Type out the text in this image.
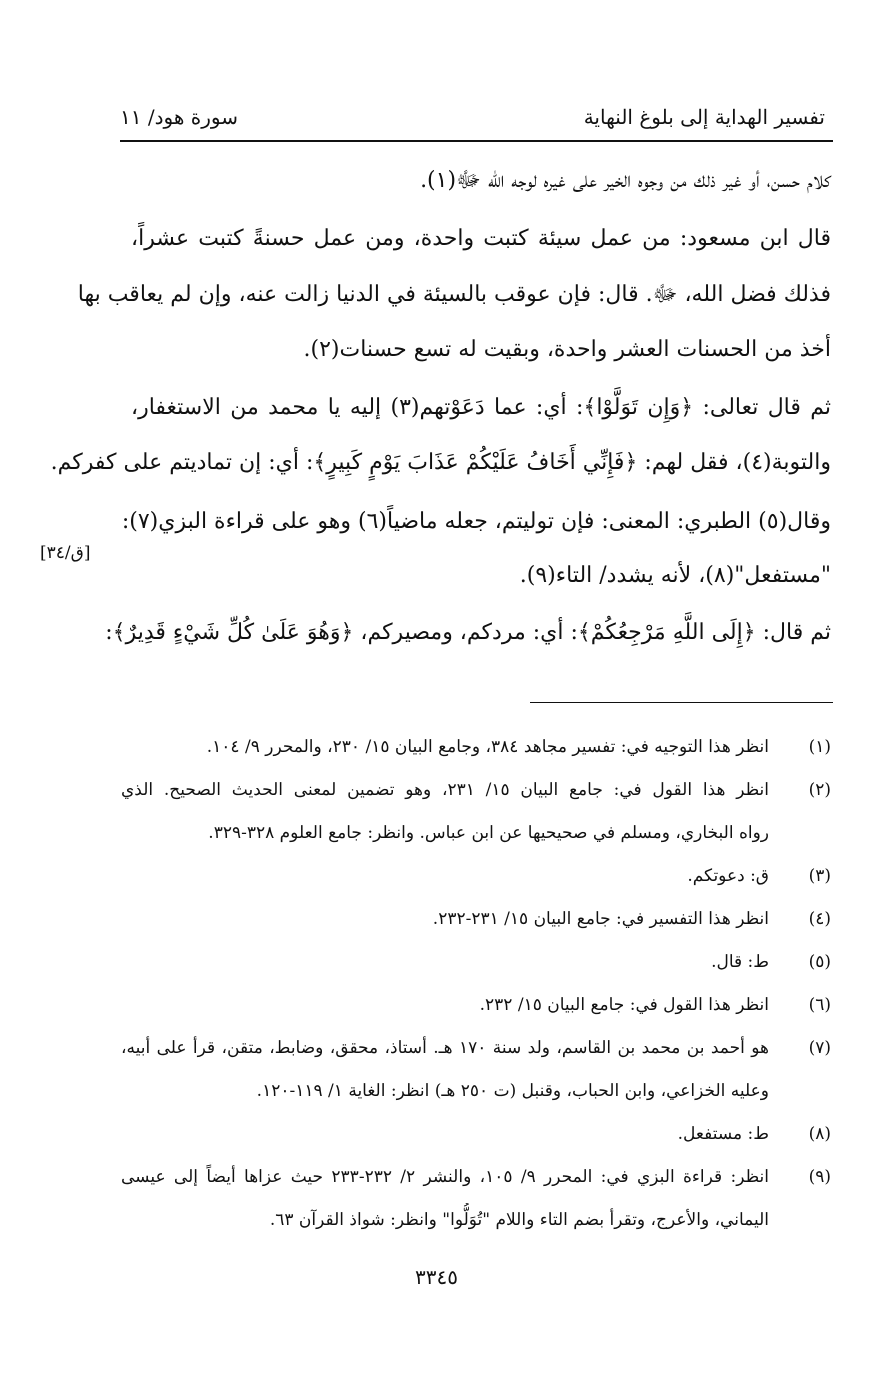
تفسير الهداية إلى بلوغ النهاية
سورة هود/ ١١
كلام حسن، أو غير ذلك من وجوه الخير على غيره لوجه الله ﷻ(١).
قال ابن مسعود: من عمل سيئة كتبت واحدة، ومن عمل حسنةً كتبت عشراً،
فذلك فضل الله، ﷻ. قال: فإن عوقب بالسيئة في الدنيا زالت عنه، وإن لم يعاقب بها
أخذ من الحسنات العشر واحدة، وبقيت له تسع حسنات(٢).
ثم قال تعالى: ﴿وَإِن تَوَلَّوْا﴾: أي: عما دَعَوْتهم(٣) إليه يا محمد من الاستغفار،
والتوبة(٤)، فقل لهم: ﴿فَإِنِّي أَخَافُ عَلَيْكُمْ عَذَابَ يَوْمٍ كَبِيرٍ﴾: أي: إن تماديتم على كفركم.
وقال(٥) الطبري: المعنى: فإن توليتم، جعله ماضياً(٦) وهو على قراءة البزي(٧):
"مستفعل"(٨)، لأنه يشدد/ التاء(٩).
ثم قال: ﴿إِلَى اللَّهِ مَرْجِعُكُمْ﴾: أي: مردكم، ومصيركم، ﴿وَهُوَ عَلَىٰ كُلِّ شَيْءٍ قَدِيرٌ﴾:
[ق/٣٤]
(١)
انظر هذا التوجيه في: تفسير مجاهد ٣٨٤، وجامع البيان ١٥/ ٢٣٠، والمحرر ٩/ ١٠٤.
(٢)
انظر هذا القول في: جامع البيان ١٥/ ٢٣١، وهو تضمين لمعنى الحديث الصحيح. الذي
رواه البخاري، ومسلم في صحيحيها عن ابن عباس. وانظر: جامع العلوم ٣٢٨-٣٢٩.
(٣)
ق: دعوتكم.
(٤)
انظر هذا التفسير في: جامع البيان ١٥/ ٢٣١-٢٣٢.
(٥)
ط: قال.
(٦)
انظر هذا القول في: جامع البيان ١٥/ ٢٣٢.
(٧)
هو أحمد بن محمد بن القاسم، ولد سنة ١٧٠ هـ. أستاذ، محقق، وضابط، متقن، قرأ على أبيه،
وعليه الخزاعي، وابن الحباب، وقنبل (ت ٢٥٠ هـ) انظر: الغاية ١/ ١١٩-١٢٠.
(٨)
ط: مستفعل.
(٩)
انظر: قراءة البزي في: المحرر ٩/ ١٠٥، والنشر ٢/ ٢٣٢-٢٣٣ حيث عزاها أيضاً إلى عيسى
اليماني، والأعرج، وتقرأ بضم التاء واللام "تُوَلُّوا" وانظر: شواذ القرآن ٦٣.
٣٣٤٥
